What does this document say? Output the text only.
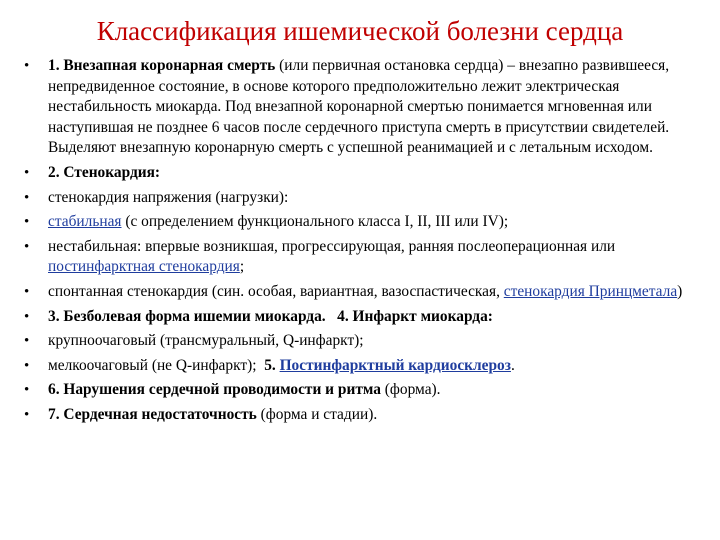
Классификация ишемической болезни сердца
• 1. Внезапная коронарная смерть (или первичная остановка сердца) – внезапно развившееся, непредвиденное состояние, в основе которого предположительно лежит электрическая нестабильность миокарда. Под внезапной коронарной смертью понимается мгновенная или наступившая не позднее 6 часов после сердечного приступа смерть в присутствии свидетелей. Выделяют внезапную коронарную смерть с успешной реанимацией и с летальным исходом.
• 2. Стенокардия:
• стенокардия напряжения (нагрузки):
• стабильная (с определением функционального класса I, II, III или IV);
• нестабильная: впервые возникшая, прогрессирующая, ранняя послеоперационная или постинфарктная стенокардия;
• спонтанная стенокардия (син. особая, вариантная, вазоспастическая, стенокардия Принцметала)
• 3. Безболевая форма ишемии миокарда.   4. Инфаркт миокарда:
• крупноочаговый (трансмуральный, Q-инфаркт);
• мелкоочаговый (не Q-инфаркт);  5. Постинфарктный кардиосклероз.
• 6. Нарушения сердечной проводимости и ритма (форма).
• 7. Сердечная недостаточность (форма и стадии).
